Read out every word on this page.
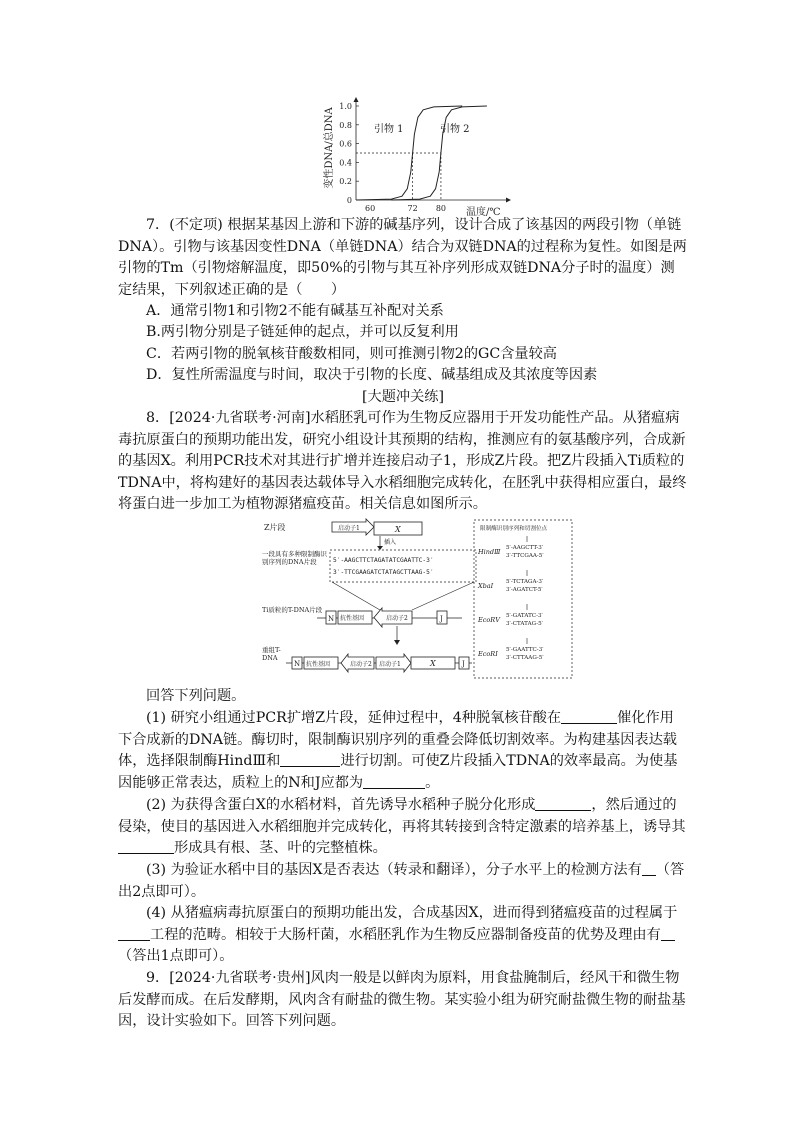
变性DNA/总DNA
0
0.2
0.4
0.6
0.8
1.0
60	72 80
引物 1	引物 2
温度/℃

7．(不定项) 根据某基因上游和下游的碱基序列，设计合成了该基因的两段引物（单链DNA）。引物与该基因变性DNA（单链DNA）结合为双链DNA的过程称为复性。如图是两引物的Tm（引物熔解温度，即50%的引物与其互补序列形成双链DNA分子时的温度）测定结果，下列叙述正确的是（　　）

A．通常引物1和引物2不能有碱基互补配对关系

B.两引物分别是子链延伸的起点，并可以反复利用

C．若两引物的脱氧核苷酸数相同，则可推测引物2的GC含量较高

D．复性所需温度与时间，取决于引物的长度、碱基组成及其浓度等因素

[大题冲关练]

8．[2024·九省联考·河南]水稻胚乳可作为生物反应器用于开发功能性产品。从猪瘟病毒抗原蛋白的预期功能出发，研究小组设计其预期的结构，推测应有的氨基酸序列，合成新的基因X。利用PCR技术对其进行扩增并连接启动子1，形成Z片段。把Z片段插入Ti质粒的TDNA中，将构建好的基因表达载体导入水稻细胞完成转化，在胚乳中获得相应蛋白，最终将蛋白进一步加工为植物源猪瘟疫苗。相关信息如图所示。

Z片段	启动子1	X
插入
一段具有多种限制酶识别序列的DNA片段	5′-AAGCTTCTAGATATCGAATTC-3′
3′-TTCGAAGATCTATAGCTTAAG-5′
Ti质粒的T-DNA片段
N 抗性基因	启动子2	J
重组T-DNA
N 抗性基因	启动子2 启动子1	X	J
限制酶识别序列和切割位点
HindⅢ 5′-AAGCTT-3′
3′-TTCGAA-5′
XbaⅠ 5′-TCTAGA-3′
3′-AGATCT-5′
EcoRⅤ 5′-GATATC-3′
3′-CTATAG-5′
EcoRⅠ 5′-GAATTC-3′
3′-CTTAAG-5′

回答下列问题。

(1) 研究小组通过PCR扩增Z片段，延伸过程中，4种脱氧核苷酸在	催化作用下合成新的DNA链。酶切时，限制酶识别序列的重叠会降低切割效率。为构建基因表达载体，选择限制酶HindⅢ和	进行切割。可使Z片段插入TDNA的效率最高。为使基因能够正常表达，质粒上的N和J应都为	。

(2) 为获得含蛋白X的水稻材料，首先诱导水稻种子脱分化形成	，然后通过的侵染，使目的基因进入水稻细胞并完成转化，再将其转接到含特定激素的培养基上，诱导其形成具有根、茎、叶的完整植株。

(3) 为验证水稻中目的基因X是否表达（转录和翻译），分子水平上的检测方法有 （答出2点即可）。

(4) 从猪瘟病毒抗原蛋白的预期功能出发，合成基因X，进而得到猪瘟疫苗的过程属于工程的范畴。相较于大肠杆菌，水稻胚乳作为生物反应器制备疫苗的优势及理由有（答出1点即可）。

9．[2024·九省联考·贵州]风肉一般是以鲜肉为原料，用食盐腌制后，经风干和微生物后发酵而成。在后发酵期，风肉含有耐盐的微生物。某实验小组为研究耐盐微生物的耐盐基因，设计实验如下。回答下列问题。
